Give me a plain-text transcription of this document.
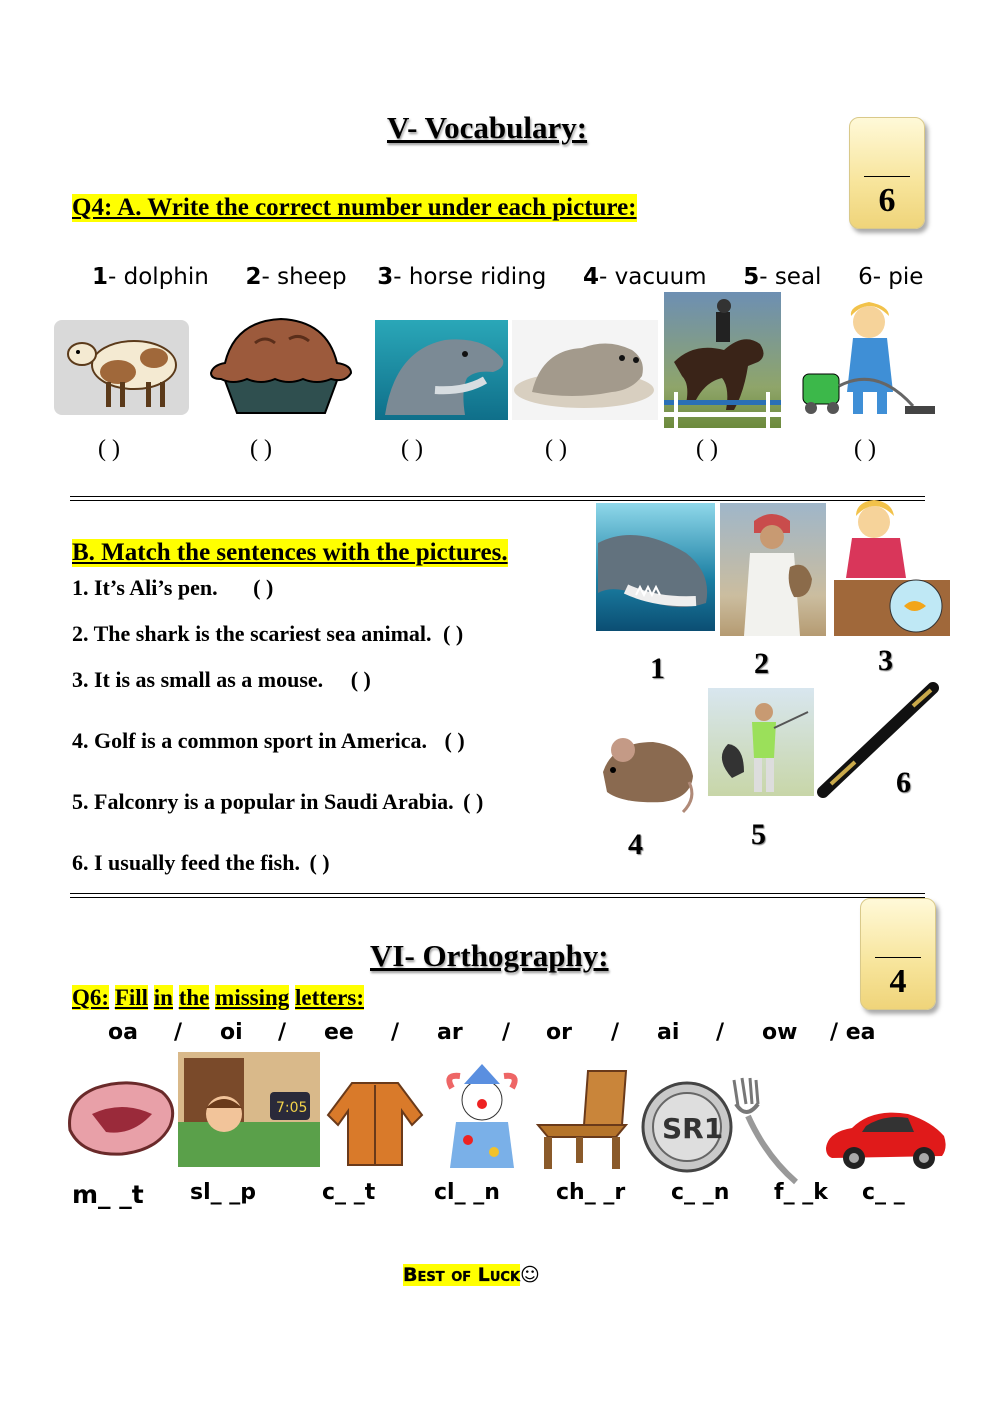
V- Vocabulary:
6
Q4: A. Write the correct number under each picture:
1- dolphin 2- sheep 3- horse riding 4- vacuum 5- seal 6- pie
( )	( )	( )	( )	( )	( )
B. Match the sentences with the pictures.
1. It’s Ali’s pen. ( )
2. The shark is the scariest sea animal. ( )
3. It is as small as a mouse. ( )
4. Golf is a common sport in America. ( )
5. Falconry is a popular in Saudi Arabia. ( )
6. I usually feed the fish. ( )
1	2	3
4	5
6
4
VI- Orthography:
Q6: Fill in the missing letters:
oa / oi / ee / ar / or / ai / ow / ea
7:05
SR1
m_ _t sl_ _p	c_ _t	cl_ _n	ch_ _r c_ _n f_ _k c_ _
Best of Luck☺
